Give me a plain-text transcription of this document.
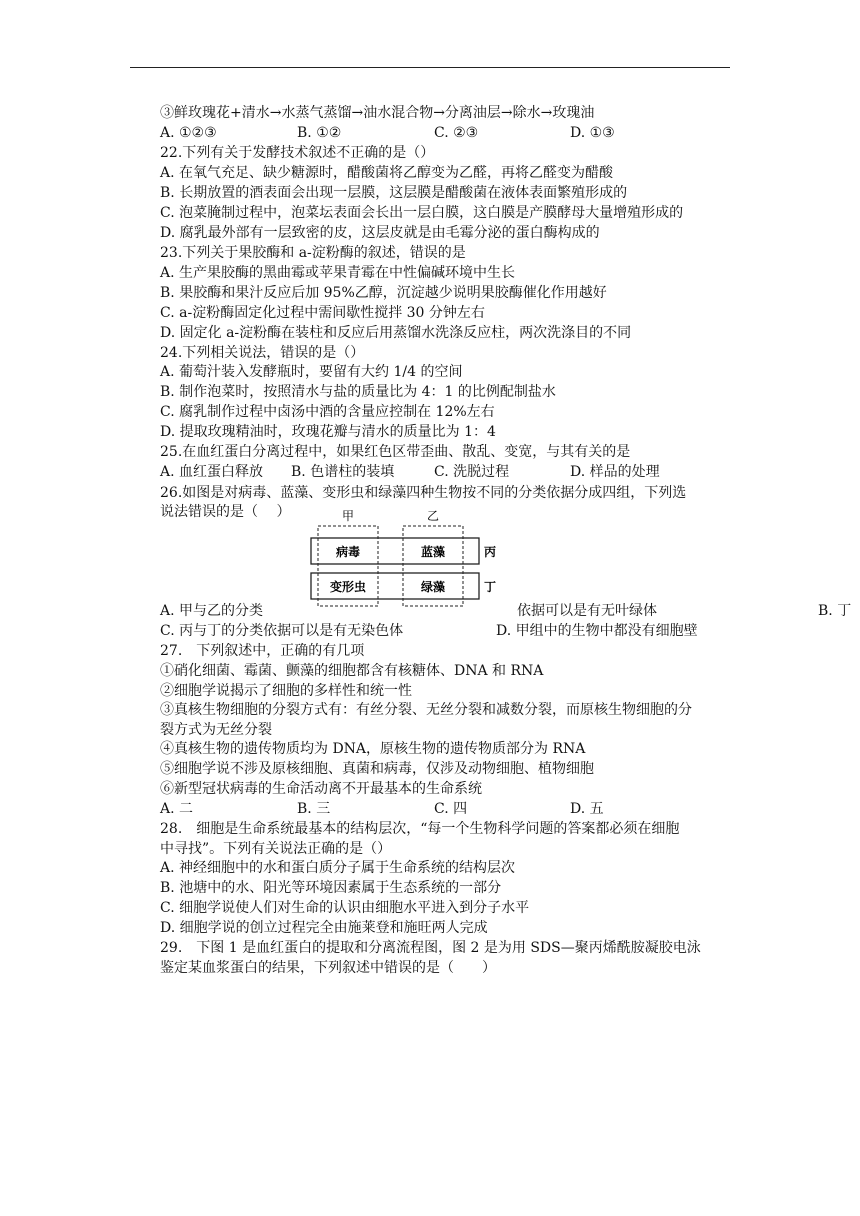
③鲜玫瑰花+清水→水蒸气蒸馏→油水混合物→分离油层→除水→玫瑰油
A. ①②③	B. ①②	C. ②③	D. ①③
22.下列有关于发酵技术叙述不正确的是（）
A. 在氧气充足、缺少糖源时，醋酸菌将乙醇变为乙醛，再将乙醛变为醋酸
B. 长期放置的酒表面会出现一层膜，这层膜是醋酸菌在液体表面繁殖形成的
C. 泡菜腌制过程中，泡菜坛表面会长出一层白膜，这白膜是产膜酵母大量增殖形成的
D. 腐乳最外部有一层致密的皮，这层皮就是由毛霉分泌的蛋白酶构成的
23.下列关于果胶酶和 a-淀粉酶的叙述，错误的是
A. 生产果胶酶的黑曲霉或苹果青霉在中性偏碱环境中生长
B. 果胶酶和果汁反应后加 95%乙醇，沉淀越少说明果胶酶催化作用越好
C. a-淀粉酶固定化过程中需间歇性搅拌 30 分钟左右
D. 固定化 a-淀粉酶在装柱和反应后用蒸馏水洗涤反应柱，两次洗涤目的不同
24.下列相关说法，错误的是（）
A. 葡萄汁装入发酵瓶时，要留有大约 1/4 的空间
B. 制作泡菜时，按照清水与盐的质量比为 4：1 的比例配制盐水
C. 腐乳制作过程中卤汤中酒的含量应控制在 12%左右
D. 提取玫瑰精油时，玫瑰花瓣与清水的质量比为 1：4
25.在血红蛋白分离过程中，如果红色区带歪曲、散乱、变宽，与其有关的是
A. 血红蛋白释放 B. 色谱柱的装填	C. 洗脱过程	D. 样品的处理
26.如图是对病毒、蓝藻、变形虫和绿藻四种生物按不同的分类依据分成四组，下列选
说法错误的是（　 ）	甲	乙
病毒	蓝藻
变形虫	绿藻
丙
丁
A. 甲与乙的分类	依据可以是有无叶绿体	B. 丁
C. 丙与丁的分类依据可以是有无染色体	D. 甲组中的生物中都没有细胞壁
27.　下列叙述中，正确的有几项
①硝化细菌、霉菌、颤藻的细胞都含有核糖体、DNA 和 RNA
②细胞学说揭示了细胞的多样性和统一性
③真核生物细胞的分裂方式有：有丝分裂、无丝分裂和减数分裂，而原核生物细胞的分
裂方式为无丝分裂
④真核生物的遗传物质均为 DNA，原核生物的遗传物质部分为 RNA
⑤细胞学说不涉及原核细胞、真菌和病毒，仅涉及动物细胞、植物细胞
⑥新型冠状病毒的生命活动离不开最基本的生命系统
A. 二	B. 三	C. 四	D. 五
28.　细胞是生命系统最基本的结构层次，“每一个生物科学问题的答案都必须在细胞
中寻找”。下列有关说法正确的是（）
A. 神经细胞中的水和蛋白质分子属于生命系统的结构层次
B. 池塘中的水、阳光等环境因素属于生态系统的一部分
C. 细胞学说使人们对生命的认识由细胞水平进入到分子水平
D. 细胞学说的创立过程完全由施莱登和施旺两人完成
29.　下图 1 是血红蛋白的提取和分离流程图，图 2 是为用 SDS—聚丙烯酰胺凝胶电泳
鉴定某血浆蛋白的结果，下列叙述中错误的是（　　）
